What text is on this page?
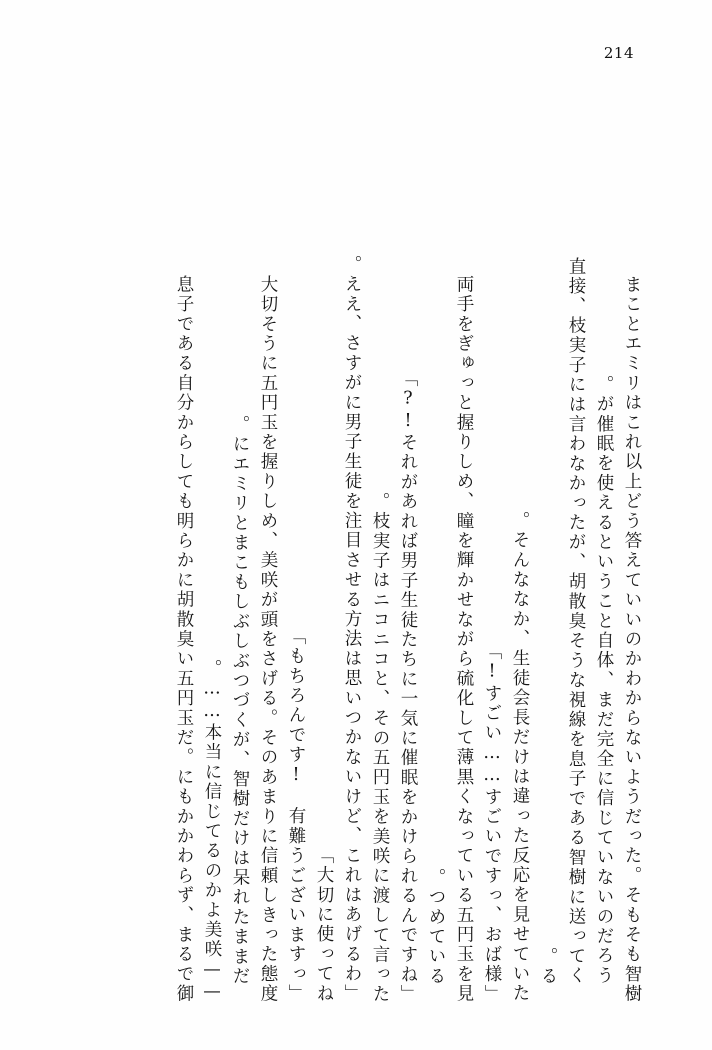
214
まことエミリはこれ以上どう答えていいのかわからないようだった。そもそも智樹
が催眠を使えるということ自体、まだ完全に信じていないのだろう。
直接、枝実子には言わなかったが、胡散臭そうな視線を息子である智樹に送ってく
る。
そんななか、生徒会長だけは違った反応を見せていた。
「すごい……すごいですっ、おば様!」
両手をぎゅっと握りしめ、瞳を輝かせながら硫化して薄黒くなっている五円玉を見
つめている。
「それがあれば男子生徒たちに一気に催眠をかけられるんですね!?」
枝実子はニコニコと、その五円玉を美咲に渡して言った。
「ええ、さすがに男子生徒を注目させる方法は思いつかないけど、これはあげるわ。
大切に使ってね」
「もちろんです!　有難うございますっ」
大切そうに五円玉を握りしめ、美咲が頭をさげる。そのあまりに信頼しきった態度
にエミリとまこもしぶしぶつづくが、智樹だけは呆れたままだ。
——本当に信じてるのかよ美咲……。
息子である自分からしても明らかに胡散臭い五円玉だ。にもかかわらず、まるで御
